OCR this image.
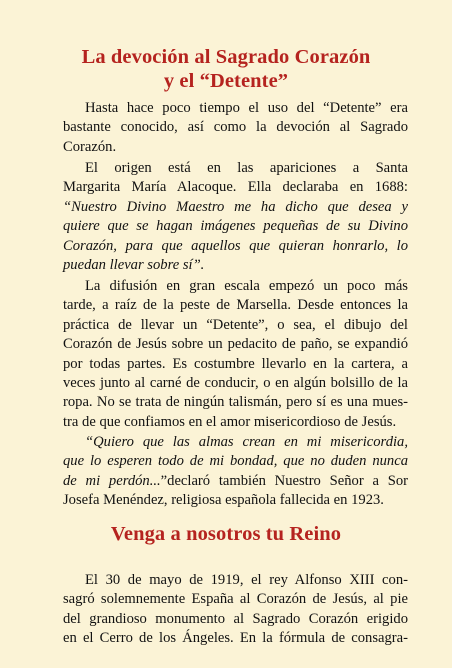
La devoción al Sagrado Corazón
y el “Detente”
Hasta hace poco tiempo el uso del “Detente” era
bastante conocido, así como la devoción al Sagrado
Corazón.
El origen está en las apariciones a Santa
Margarita María Alacoque. Ella declaraba en 1688:
“Nuestro Divino Maestro me ha dicho que desea y
quiere que se hagan imágenes pequeñas de su Divino
Corazón, para que aquellos que quieran honrarlo, lo
puedan llevar sobre sí”.
La difusión en gran escala empezó un poco más
tarde, a raíz de la peste de Marsella. Desde entonces la
práctica de llevar un “Detente”, o sea, el dibujo del
Corazón de Jesús sobre un pedacito de paño, se expandió
por todas partes. Es costumbre llevarlo en la cartera, a
veces junto al carné de conducir, o en algún bolsillo de la
ropa. No se trata de ningún talismán, pero sí es una mues-
tra de que confiamos en el amor misericordioso de Jesús.
“Quiero que las almas crean en mi misericordia,
que lo esperen todo de mi bondad, que no duden nunca
de mi perdón...”declaró también Nuestro Señor a Sor
Josefa Menéndez, religiosa española fallecida en 1923.
Venga a nosotros tu Reino
El 30 de mayo de 1919, el rey Alfonso XIII con-
sagró solemnemente España al Corazón de Jesús, al pie
del grandioso monumento al Sagrado Corazón erigido
en el Cerro de los Ángeles. En la fórmula de consagra-
